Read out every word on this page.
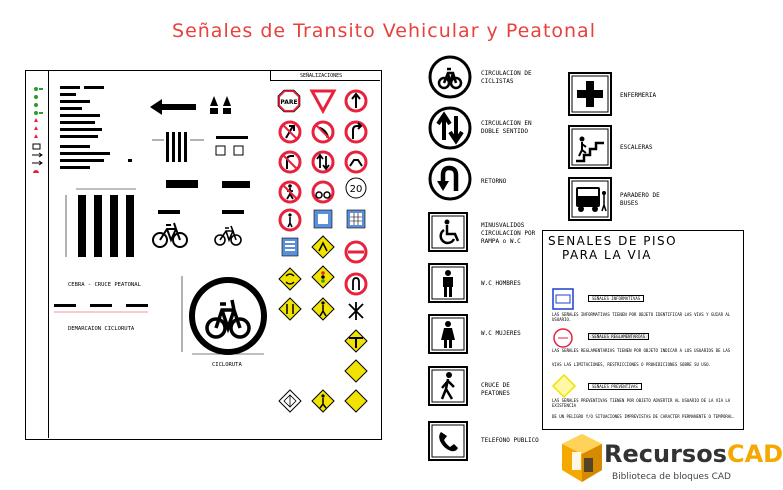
Señales de Transito Vehicular y Peatonal
SEÑALIZACIONES
CEBRA - CRUCE PEATONAL
DEMARCAION CICLORUTA
CICLORUTA
PARE
20
CIRCULACION DE CICLISTAS
CIRCULACION EN DOBLE SENTIDO
RETORNO
MINUSVALIDOS CIRCULACION POR RAMPA o W.C
W.C HOMBRES
W.C MUJERES
CRUCE DE PEATONES
TELEFONO PUBLICO
ENFERMERIA
ESCALERAS
PARADERO DE BUSES
SENALES DE PISO
PARA LA VIA
SEÑALES INFORMATIVAS
LAS SEÑALES INFORMATIVAS TIENEN POR OBJETO IDENTIFICAR LAS VIAS Y GUIAR AL USUARIO.
SEÑALES REGLAMENTARIAS
LAS SEÑALES REGLAMENTARIAS TIENEN POR OBJETO INDICAR A LOS USUARIOS DE LAS
VIAS LAS LIMITACIONES, RESTRICCIONES O PROHIBICIONES SOBRE SU USO.
SEÑALES PREVENTIVAS
LAS SEÑALES PREVENTIVAS TIENEN POR OBJETO ADVERTIR AL USUARIO DE LA VIA LA EXISTENCIA
DE UN PELIGRO Y/O SITUACIONES IMPREVISTAS DE CARACTER PERMANENTE O TEMPORAL.
RecursosCAD
Biblioteca de bloques CAD
